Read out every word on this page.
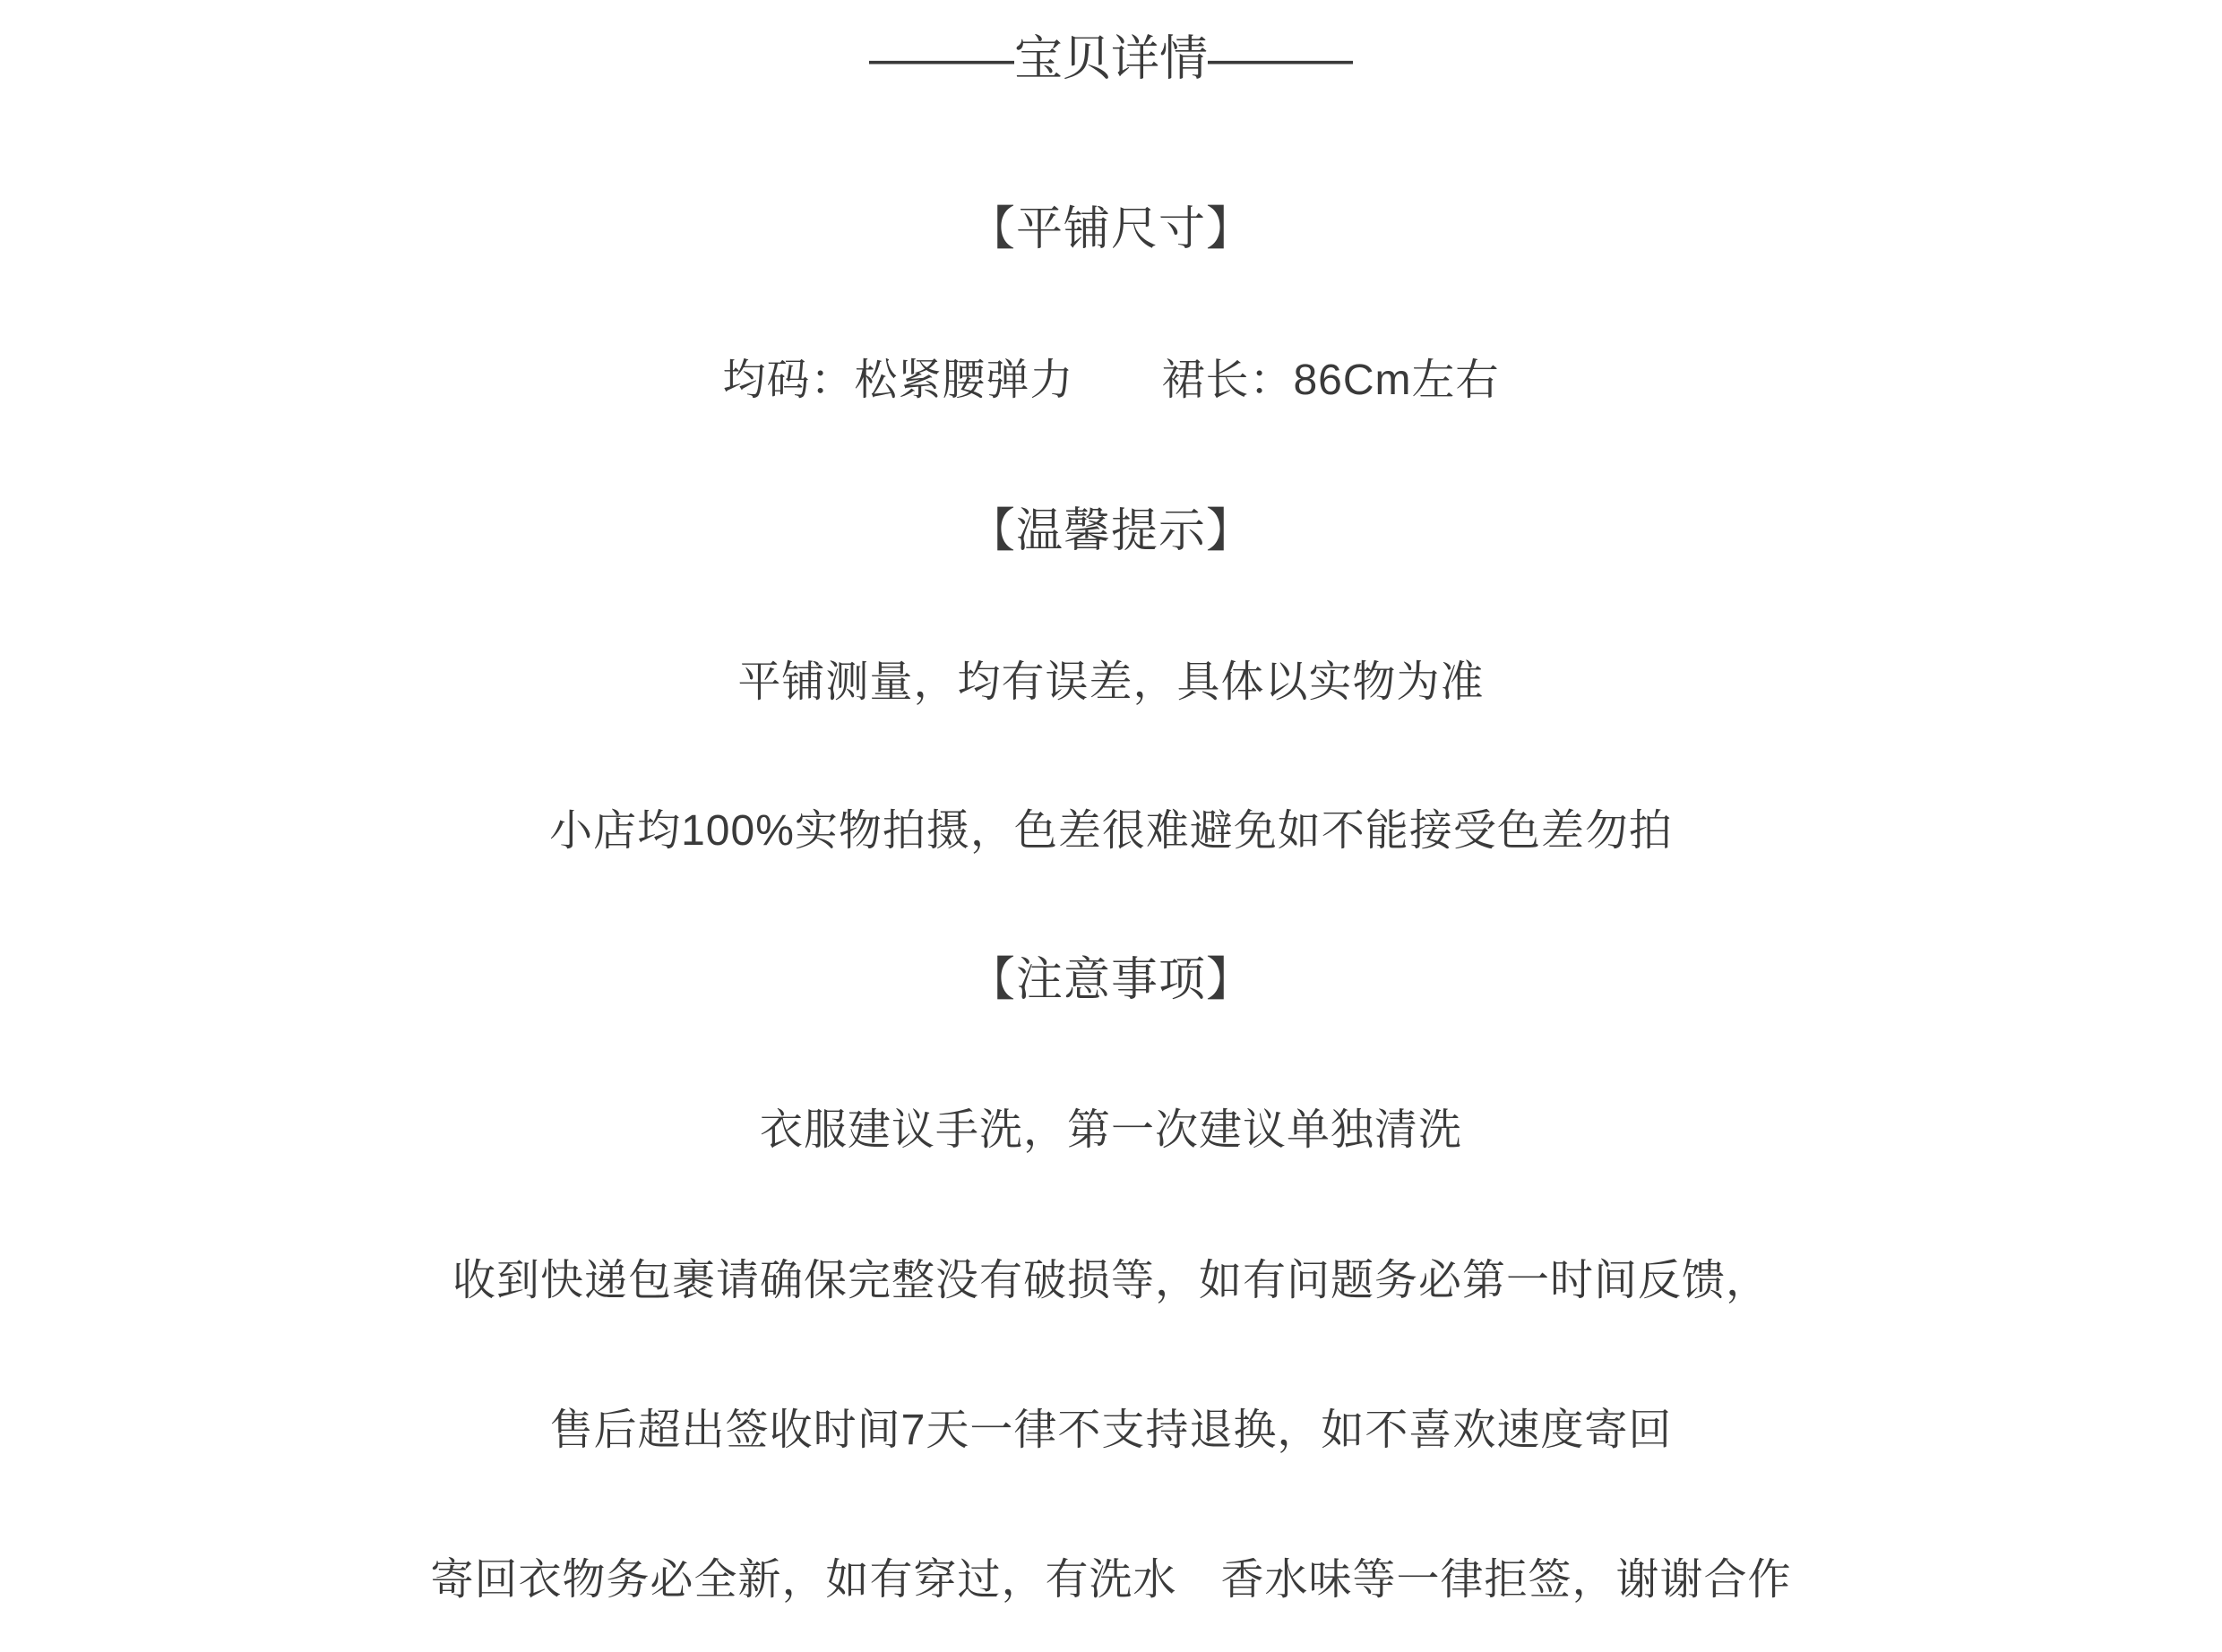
———宝贝详情———
【平铺尺寸】
均码：松紧腰弹力　　裙长：86Cm左右
【温馨提示】
平铺测量，均有误差，具体以实物为准
小店均100%实物拍摄，色差很难避免如不能接受色差勿拍
【注意事项】
衣服建议手洗，第一次建议单独清洗
收到快递包裹请确保完整没有破损等，如有问题务必第一时间反馈，
售后超出签收时间7天一律不支持退换，如不喜欢速度寄回
寄回衣物务必全新，如有穿过，有洗水　香水味等一律拒签，谢谢合作
